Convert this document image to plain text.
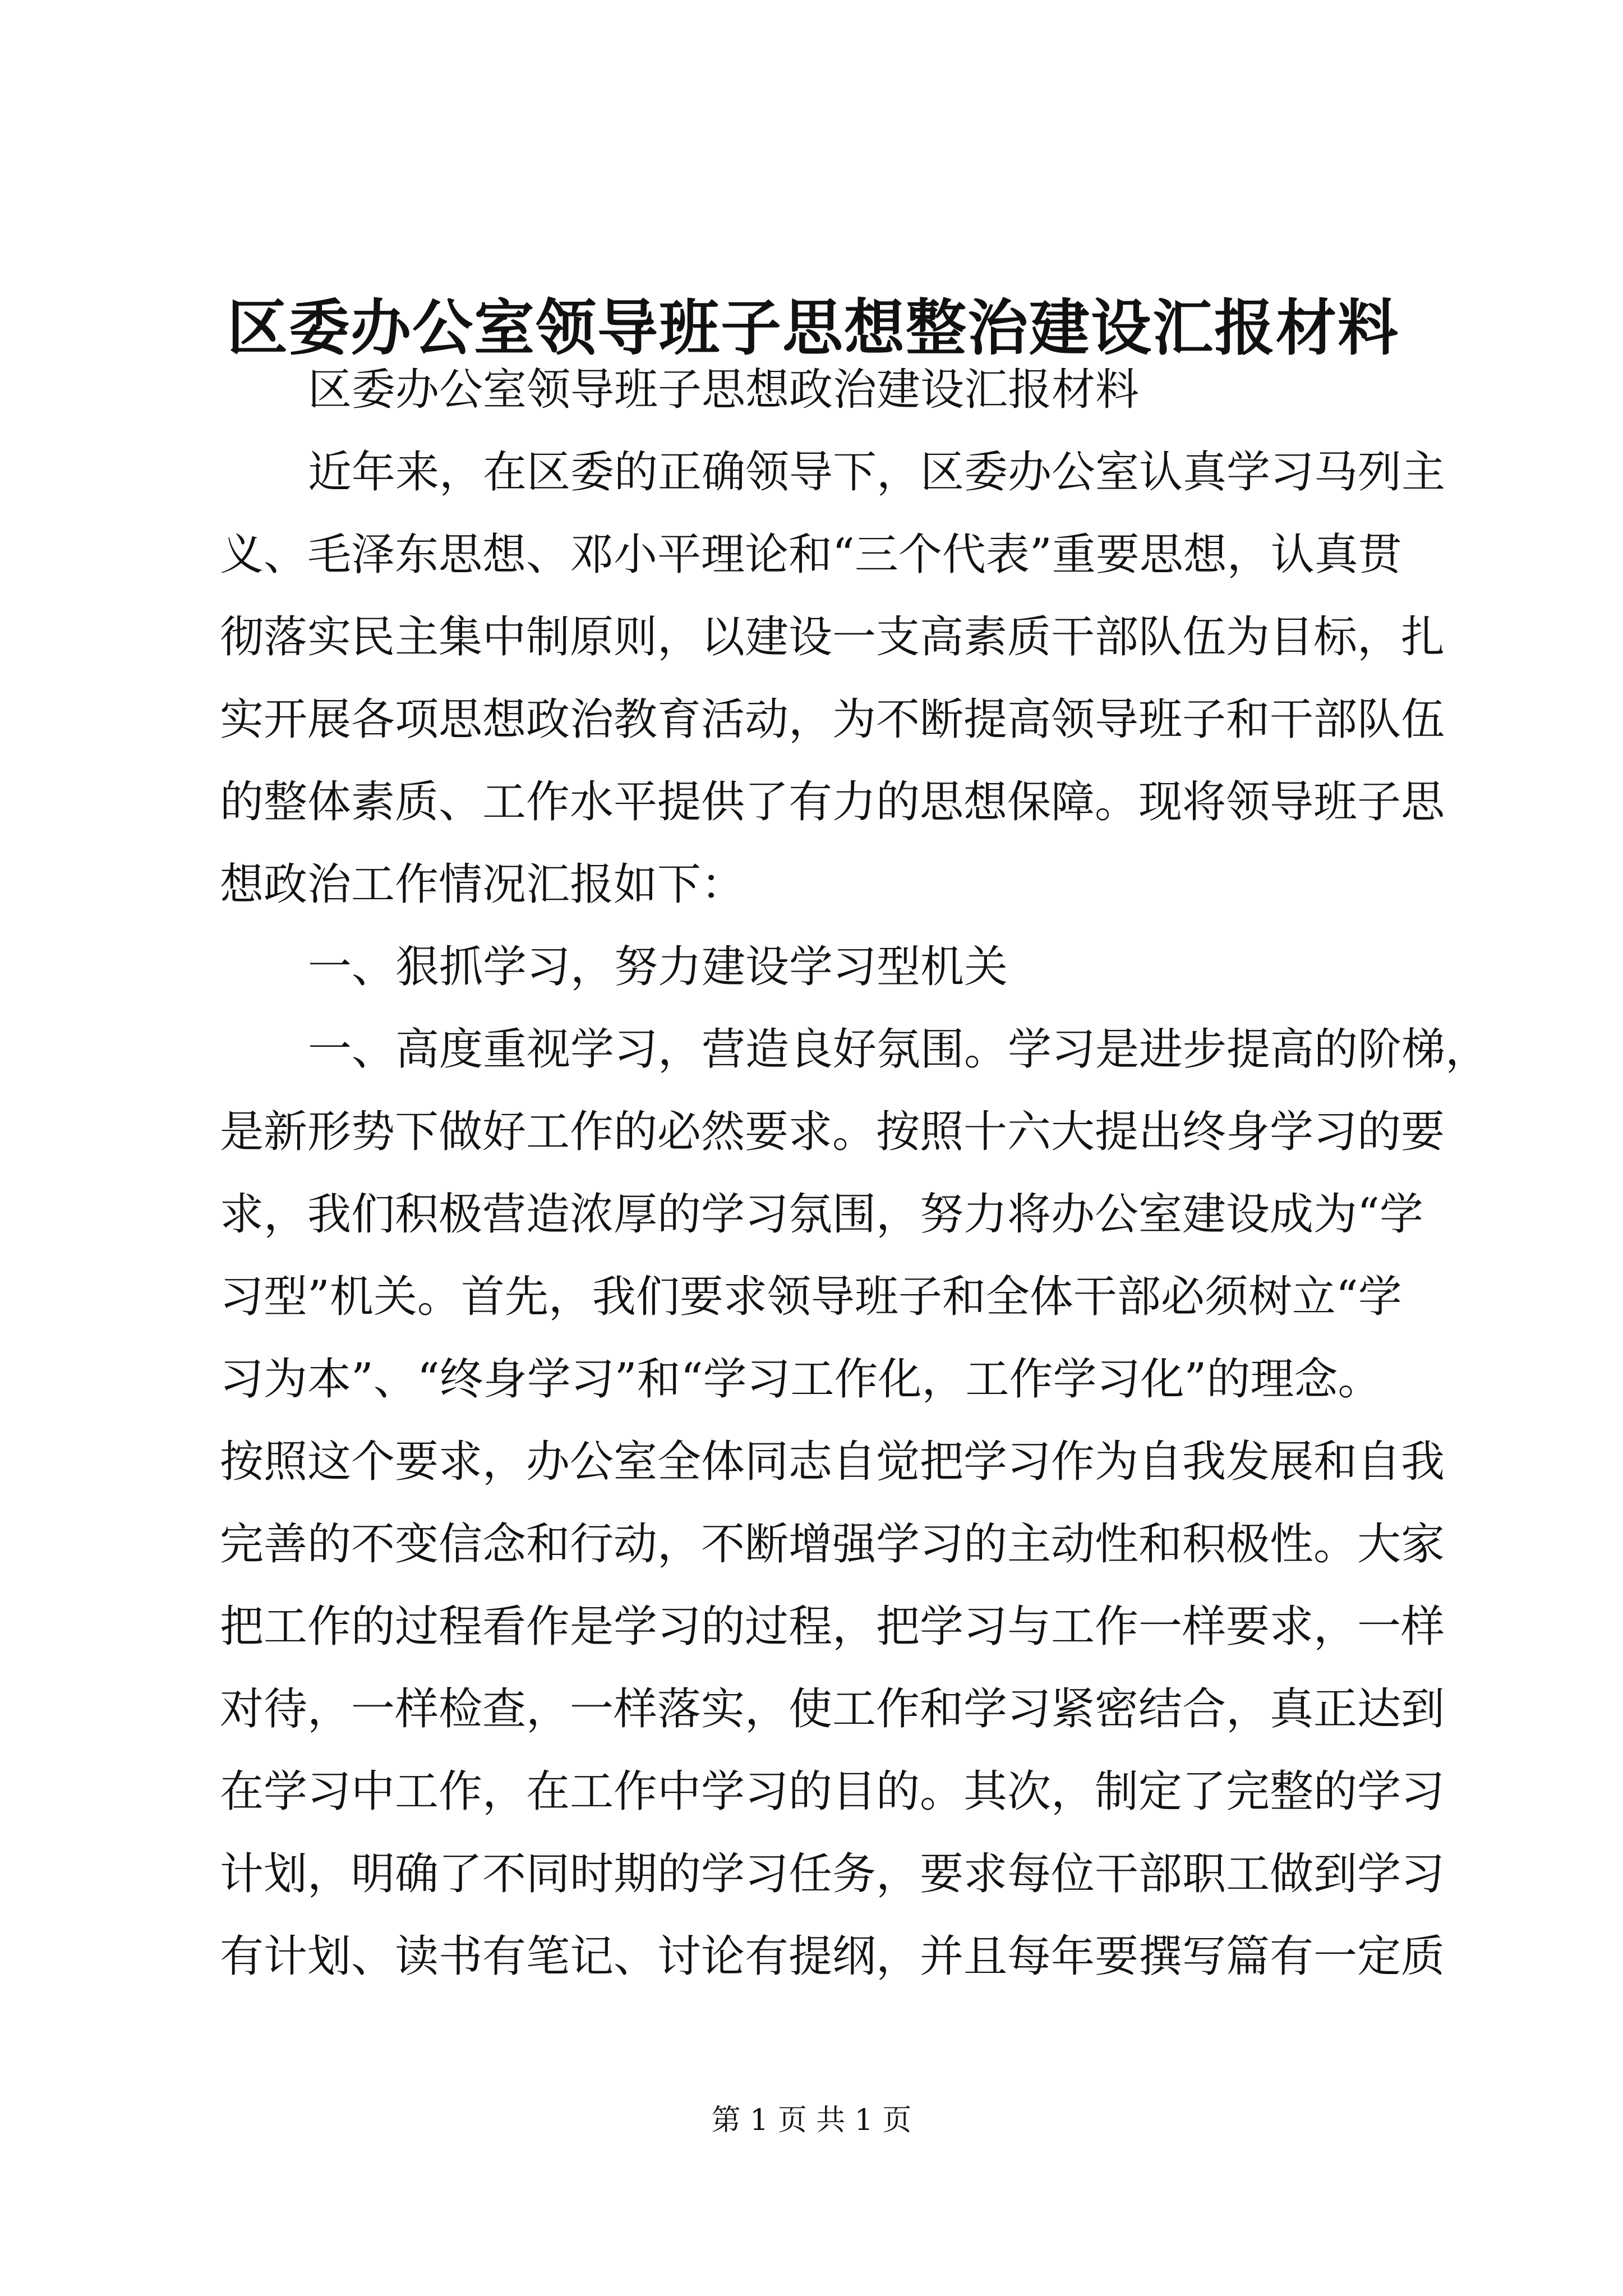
区委办公室领导班子思想整治建设汇报材料
区委办公室领导班子思想政治建设汇报材料
近年来，在区委的正确领导下，区委办公室认真学习马列主
义、毛泽东思想、邓小平理论和“三个代表”重要思想，认真贯
彻落实民主集中制原则，以建设一支高素质干部队伍为目标，扎
实开展各项思想政治教育活动，为不断提高领导班子和干部队伍
的整体素质、工作水平提供了有力的思想保障。现将领导班子思
想政治工作情况汇报如下：
一、狠抓学习，努力建设学习型机关
一、高度重视学习，营造良好氛围。学习是进步提高的阶梯，
是新形势下做好工作的必然要求。按照十六大提出终身学习的要
求，我们积极营造浓厚的学习氛围，努力将办公室建设成为“学
习型”机关。首先，我们要求领导班子和全体干部必须树立“学
习为本”、“终身学习”和“学习工作化，工作学习化”的理念。
按照这个要求，办公室全体同志自觉把学习作为自我发展和自我
完善的不变信念和行动，不断增强学习的主动性和积极性。大家
把工作的过程看作是学习的过程，把学习与工作一样要求，一样
对待，一样检查，一样落实，使工作和学习紧密结合，真正达到
在学习中工作，在工作中学习的目的。其次，制定了完整的学习
计划，明确了不同时期的学习任务，要求每位干部职工做到学习
有计划、读书有笔记、讨论有提纲，并且每年要撰写篇有一定质
第 1 页 共 1 页
